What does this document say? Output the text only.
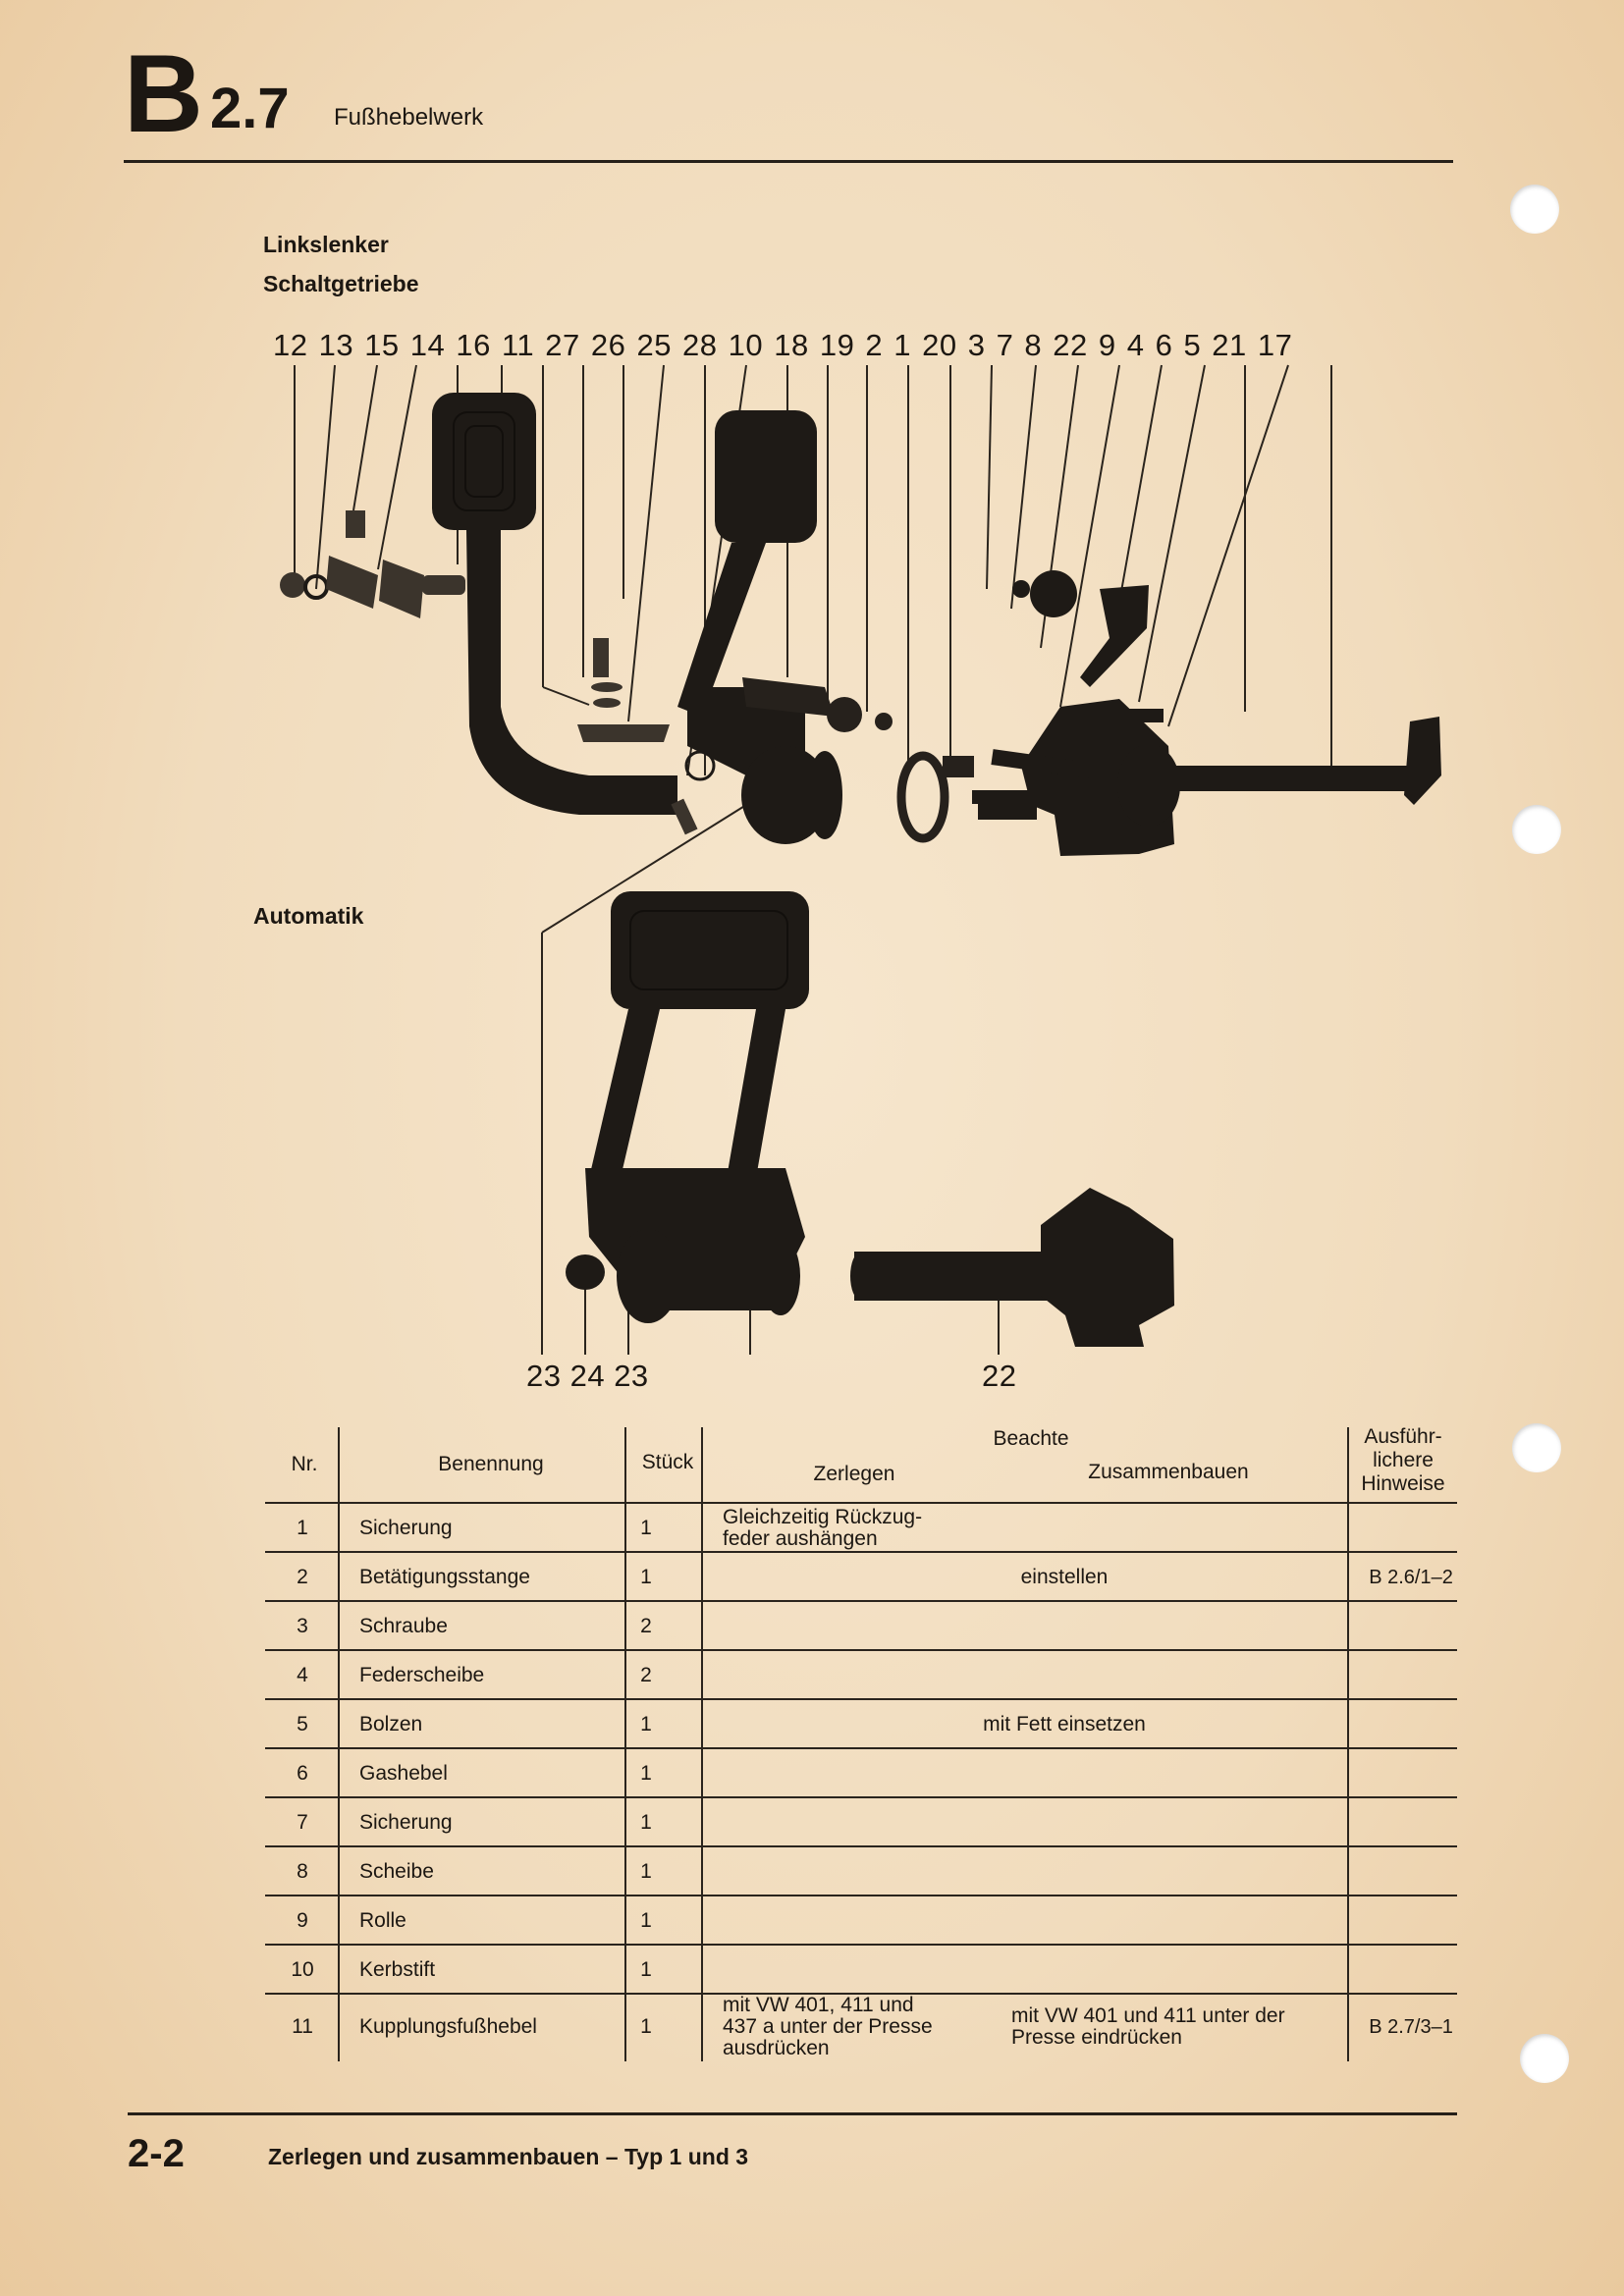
B 2.7 Fußhebelwerk
Linkslenker
Schaltgetriebe
12 13 15 14 16 11 27 26 25 28 10 18 19 2 1 20 3 7 8 22 9 4 6 5 21 17
Automatik
23 24 23	22
Nr.	Benennung	Stück
Beachte
Zerlegen	Zusammenbauen
Ausführ-
lichere
Hinweise
1	Sicherung	1	Gleichzeitig Rückzug-
feder aushängen
2	Betätigungsstange	1	einstellen	B 2.6/1–2
3	Schraube	2
4	Federscheibe	2
5	Bolzen	1	mit Fett einsetzen
6	Gashebel	1
7	Sicherung	1
8	Scheibe	1
9	Rolle	1
10	Kerbstift	1
11	Kupplungsfußhebel	1
mit VW 401, 411 und
437 a unter der Presse
ausdrücken
mit VW 401 und 411 unter der
Presse eindrücken	B 2.7/3–1
2-2	Zerlegen und zusammenbauen – Typ 1 und 3
